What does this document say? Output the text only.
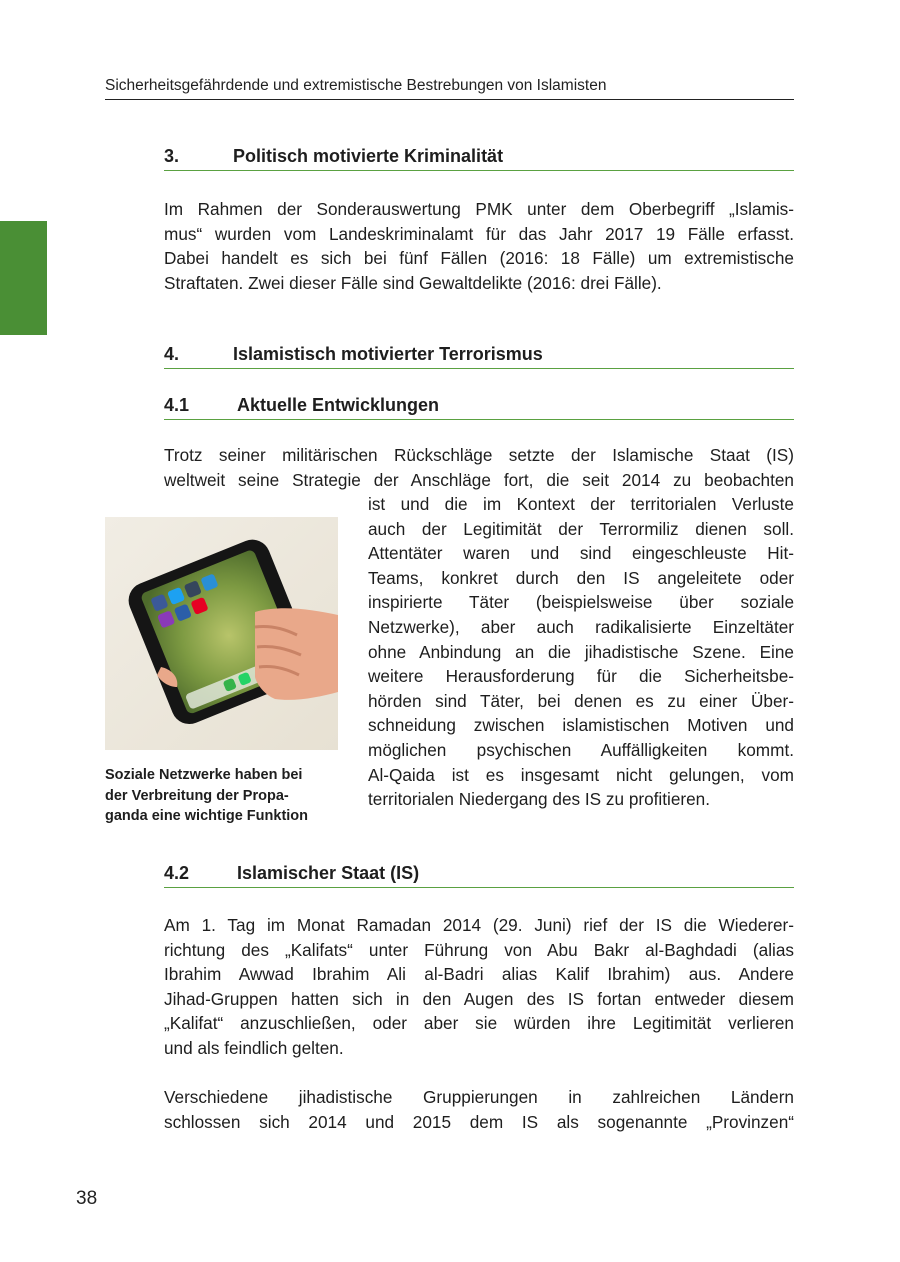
Sicherheitsgefährdende und extremistische Bestrebungen von Islamisten
3.	Politisch motivierte Kriminalität
Im Rahmen der Sonderauswertung PMK unter dem Oberbegriff „Islamis-
mus“ wurden vom Landeskriminalamt für das Jahr 2017 19 Fälle erfasst.
Dabei handelt es sich bei fünf Fällen (2016: 18 Fälle) um extremistische
Straftaten. Zwei dieser Fälle sind Gewaltdelikte (2016: drei Fälle).
4.	Islamistisch motivierter Terrorismus
4.1	Aktuelle Entwicklungen
Trotz seiner militärischen Rückschläge setzte der Islamische Staat (IS)
weltweit seine Strategie der Anschläge fort, die seit 2014 zu beobachten
ist und die im Kontext der territorialen Verluste
auch der Legitimität der Terrormiliz dienen soll.
Attentäter waren und sind eingeschleuste Hit-
Teams, konkret durch den IS angeleitete oder
inspirierte Täter (beispielsweise über soziale
Netzwerke), aber auch radikalisierte Einzeltäter
ohne Anbindung an die jihadistische Szene. Eine
weitere Herausforderung für die Sicherheitsbe-
hörden sind Täter, bei denen es zu einer Über-
schneidung zwischen islamistischen Motiven und
möglichen psychischen Auffälligkeiten kommt.
Al-Qaida ist es insgesamt nicht gelungen, vom
territorialen Niedergang des IS zu profitieren.
Soziale Netzwerke haben bei
der Verbreitung der Propa-
ganda eine wichtige Funktion
4.2	Islamischer Staat (IS)
Am 1. Tag im Monat Ramadan 2014 (29. Juni) rief der IS die Wiederer-
richtung des „Kalifats“ unter Führung von Abu Bakr al-Baghdadi (alias
Ibrahim Awwad Ibrahim Ali al-Badri alias Kalif Ibrahim) aus. Andere
Jihad-Gruppen hatten sich in den Augen des IS fortan entweder diesem
„Kalifat“ anzuschließen, oder aber sie würden ihre Legitimität verlieren
und als feindlich gelten.
Verschiedene jihadistische Gruppierungen in zahlreichen Ländern
schlossen sich 2014 und 2015 dem IS als sogenannte „Provinzen“
38
